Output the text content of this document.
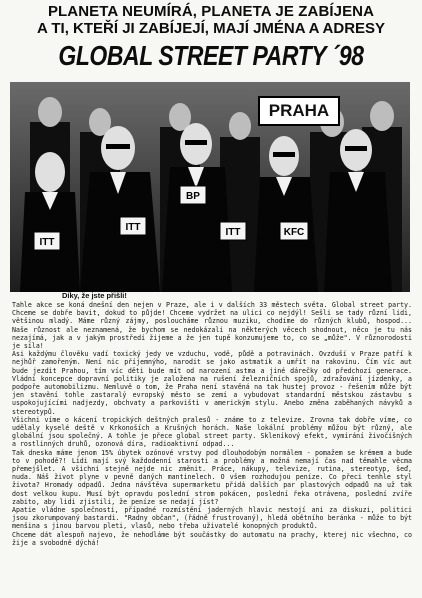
PLANETA NEUMÍRÁ, PLANETA JE ZABÍJENA
A TI, KTEŘÍ JI ZABÍJEJÍ, MAJÍ JMÉNA A ADRESY
GLOBAL STREET PARTY ´98
ITT
BP
ITT	KFC
ITT
PRAHA
Díky, že jste přišli!

Tahle akce se koná dnešní den nejen v Praze, ale i v dalších 33 městech světa. Global street party. Chceme se dobře bavit, dokud to půjde! Chceme vydržet na ulici co nejdýl! Sešli se tady různí lidi, většinou mladý. Máme různý zájmy, posloucháme různou muziku, chodíme do různých klubů, hospod... Naše různost ale neznamená, že bychom se nedokázali na některých věcech shodnout, něco je tu nás nezajímá, jak a v jakým prostředí žijeme a že jen tupě konzumujeme to, co se „může". V různorodosti je síla!

Asi každýmu člověku vadí toxický jedy ve vzduchu, vodě, půdě a potravinách. Ovzduší v Praze patří k nejhůř zamořeným. Není nic příjemnýho, narodit se jako astmatik a umřít na rakovinu. Čím víc aut bude jezdit Prahou, tím víc děti bude mít od narození astma a jiné dárečky od předchozí generace. Vládní koncepce dopravní politiky je založena na rušení železničních spojů, zdražování jízdenky, a podpoře automobilizmu. Nemluvě o tom, že Praha není stavěná na tak hustej provoz - řešením může být jen stavění tohle zastaralý evropský město se zemí a vybudovat standardní městskou zástavbu s uspokojujícími nadjezdy, obchvaty a parkovišti v americkým stylu. Anebo změna zaběhaných návyků a stereotypů.

Všichni víme o kácení tropických deštných pralesů - známe to z televize. Zrovna tak dobře víme, co udělaly kyselé deště v Krkonoších a Krušných horách. Naše lokální problémy můžou být různý, ale globální jsou společný. A tohle je přece global street party. Skleníkový efekt, vymírání živočišných a rostlinných druhů, ozonová díra, radioaktivní odpad...

Tak dneska máme jenom 15% úbytek ozónové vrstvy pod dlouhodobým normálem - pomažem se krémem a bude to v pohodě?! Lidi mají svý každodenní starosti a problémy a možná nemají čas nad těmahle věcma přemejšlet. A všichni stejně nejde nic změnit. Práce, nákupy, televize, rutina, stereotyp, šeď, nuda. Náš život plyne v pevně daných mantinelech. O všem rozhodujou peníze. Co přeci tenhle styl života? Hromady odpadů. Jedna návštěva supermarketu přidá dalších par plastových odpadů na už tak dost velkou kupu. Musí být opravdu poslední strom pokácen, poslední řeka otrávena, poslední zvíře zabito, aby lidi zjistili, že peníze se nedají jíst?

Apatie vládne společnosti, případné rozmístění jaderných hlavic nestojí ani za diskuzi, politici jsou zkorumpovaný bastardi. "Radny občan", (řádně frustrovaný), hledá obětního beránka - může to být menšina s jinou barvou pleti, vlasů, nebo třeba uživatelé konopných produktů.

Chceme dát alespoň najevo, že nehodláme být součástky do automatu na prachy, kterej nic všechno, co žije a svobodně dýchá!
